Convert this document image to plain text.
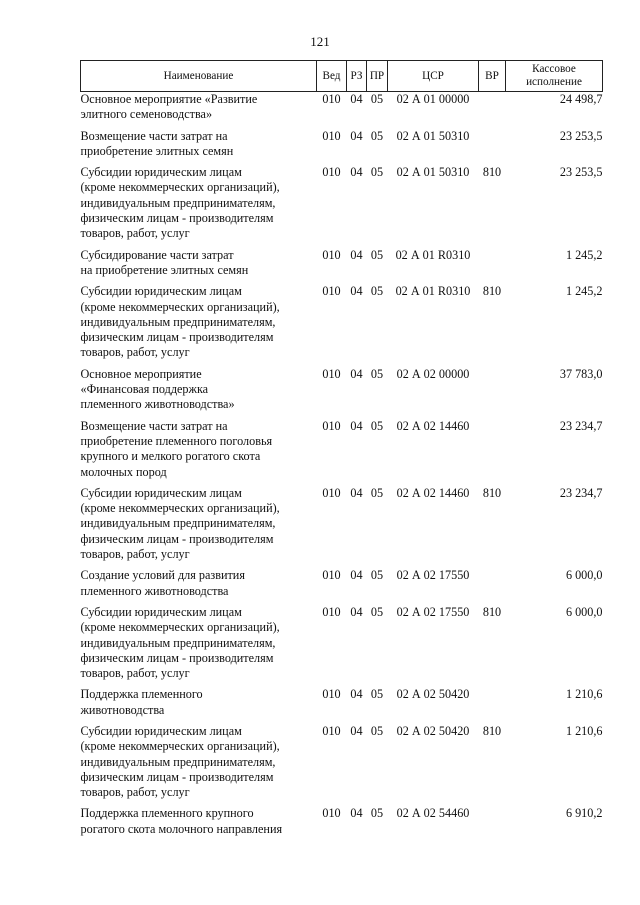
121
Наименование	Вед	РЗ	ПР	ЦСР	ВР	Кассовое исполнение

Основное мероприятие «Развитие
элитного семеноводства»	010	04	05	02 А 01 00000		24 498,7

Возмещение части затрат на
приобретение элитных семян	010	04	05	02 А 01 50310		23 253,5

Субсидии юридическим лицам
(кроме некоммерческих организаций),
индивидуальным предпринимателям,
физическим лицам - производителям
товаров, работ, услуг	010	04	05	02 А 01 50310	810	23 253,5

Субсидирование части затрат
на приобретение элитных семян	010	04	05	02 А 01 R0310		1 245,2

Субсидии юридическим лицам
(кроме некоммерческих организаций),
индивидуальным предпринимателям,
физическим лицам - производителям
товаров, работ, услуг	010	04	05	02 А 01 R0310	810	1 245,2

Основное мероприятие
«Финансовая поддержка
племенного животноводства»	010	04	05	02 А 02 00000		37 783,0

Возмещение части затрат на
приобретение племенного поголовья
крупного и мелкого рогатого скота
молочных пород	010	04	05	02 А 02 14460		23 234,7

Субсидии юридическим лицам
(кроме некоммерческих организаций),
индивидуальным предпринимателям,
физическим лицам - производителям
товаров, работ, услуг	010	04	05	02 А 02 14460	810	23 234,7

Создание условий для развития
племенного животноводства	010	04	05	02 А 02 17550		6 000,0

Субсидии юридическим лицам
(кроме некоммерческих организаций),
индивидуальным предпринимателям,
физическим лицам - производителям
товаров, работ, услуг	010	04	05	02 А 02 17550	810	6 000,0

Поддержка племенного
животноводства	010	04	05	02 А 02 50420		1 210,6

Субсидии юридическим лицам
(кроме некоммерческих организаций),
индивидуальным предпринимателям,
физическим лицам - производителям
товаров, работ, услуг	010	04	05	02 А 02 50420	810	1 210,6

Поддержка племенного крупного
рогатого скота молочного направления	010	04	05	02 А 02 54460		6 910,2
